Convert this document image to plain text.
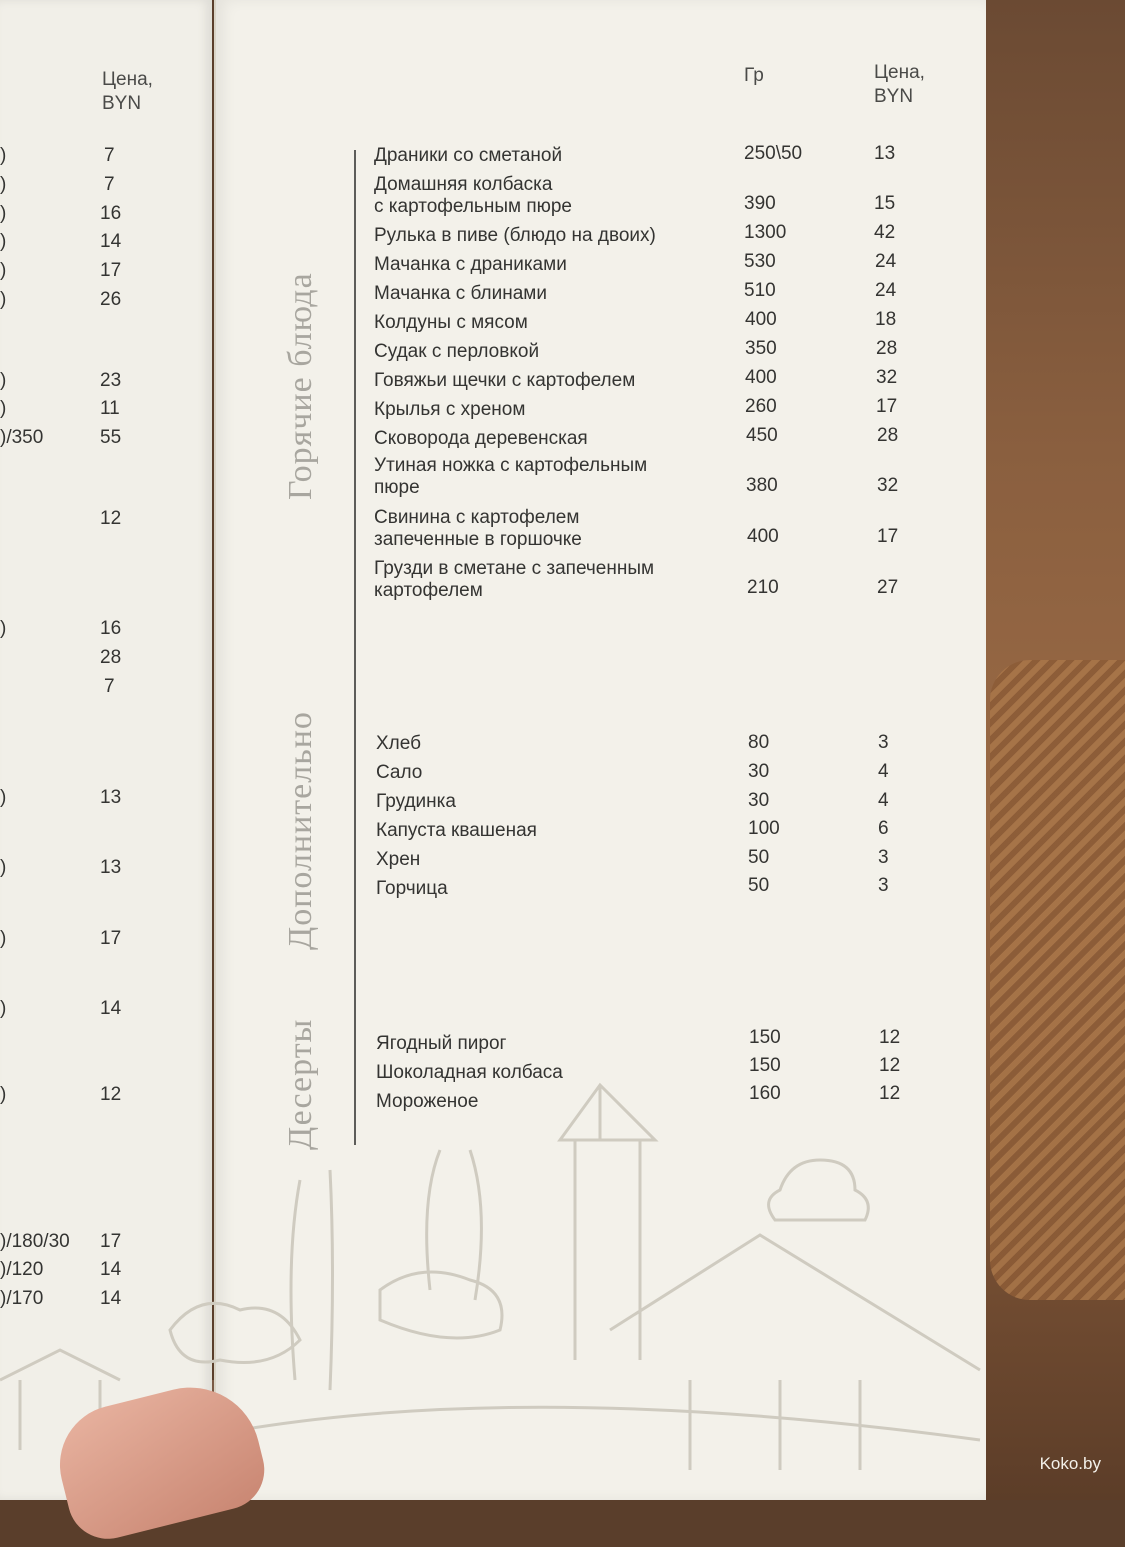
Цена,
BYN
)	7
)	7
)	16
)	14
)	17
)	26
)	23
)	11
)/350	55
12
)	16
28
7
)	13
)	13
)	17
)	14
)	12
)/180/30 17
)/120	14
)/170	14
Гр	Цена,
BYN
Горячие блюда
Дополнительно
Десерты
Драники со сметаной	250\50	13
Домашняя колбаска
с картофельным пюре	390	15
Рулька в пиве (блюдо на двоих)	1300	42
Мачанка с драниками	530	24
Мачанка с блинами	510	24
Колдуны с мясом	400	18
Судак с перловкой	350	28
Говяжьи щечки с картофелем	400	32
Крылья с хреном	260	17
Сковорода деревенская	450	28
Утиная ножка с картофельным
пюре	380	32
Свинина с картофелем
запеченные в горшочке	400	17
Грузди в сметане с запеченным
картофелем	210	27
Хлеб	80	3
Сало	30	4
Грудинка	30	4
Капуста квашеная	100	6
Хрен	50	3
Горчица	50	3
Ягодный пирог	150	12
Шоколадная колбаса	150	12
Мороженое	160	12
Koko.by
